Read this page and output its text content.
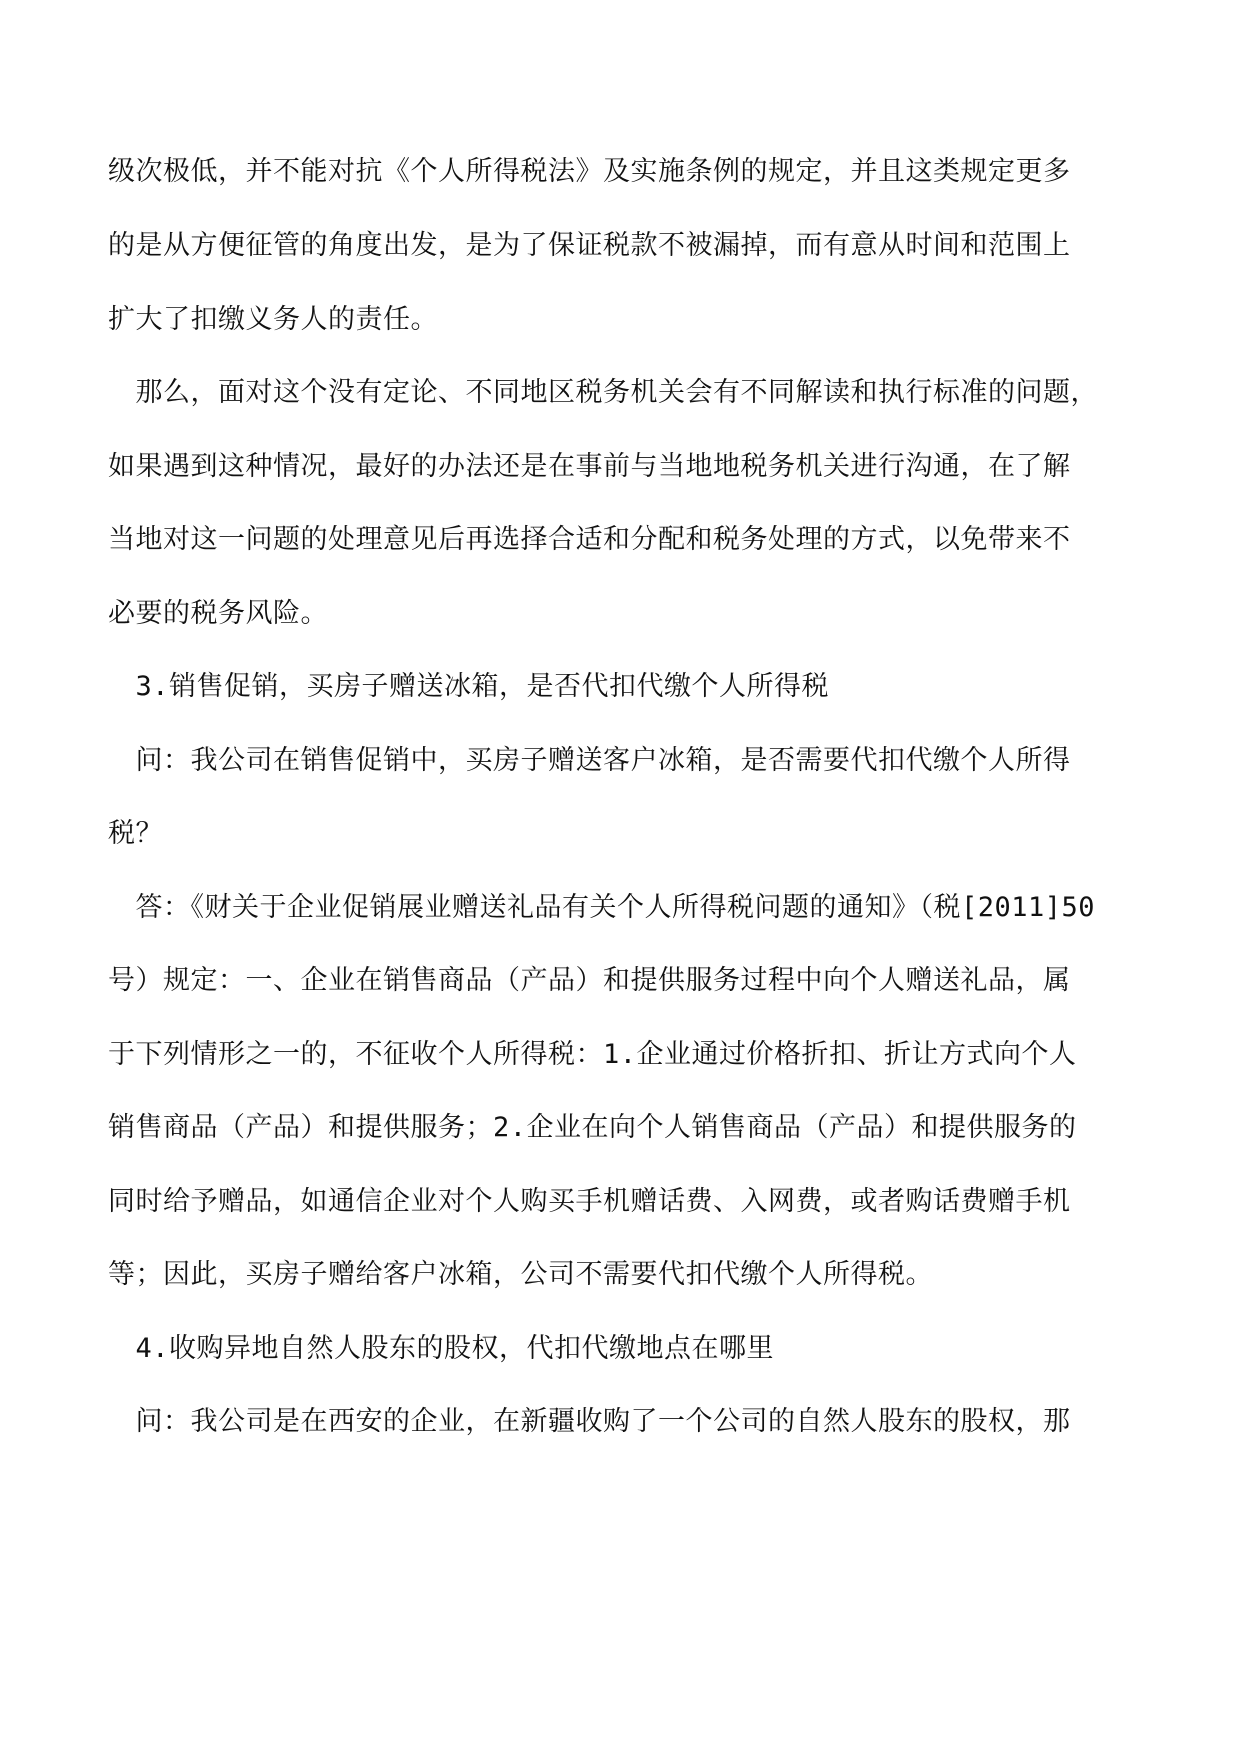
级次极低，并不能对抗《个人所得税法》及实施条例的规定，并且这类规定更多
的是从方便征管的角度出发，是为了保证税款不被漏掉，而有意从时间和范围上
扩大了扣缴义务人的责任。
　那么，面对这个没有定论、不同地区税务机关会有不同解读和执行标准的问题，
如果遇到这种情况，最好的办法还是在事前与当地地税务机关进行沟通，在了解
当地对这一问题的处理意见后再选择合适和分配和税务处理的方式，以免带来不
必要的税务风险。
　3.销售促销，买房子赠送冰箱，是否代扣代缴个人所得税
　问：我公司在销售促销中，买房子赠送客户冰箱，是否需要代扣代缴个人所得
税？
　答：《财关于企业促销展业赠送礼品有关个人所得税问题的通知》（税[2011]50
号）规定：一、企业在销售商品（产品）和提供服务过程中向个人赠送礼品，属
于下列情形之一的，不征收个人所得税：1.企业通过价格折扣、折让方式向个人
销售商品（产品）和提供服务；2.企业在向个人销售商品（产品）和提供服务的
同时给予赠品，如通信企业对个人购买手机赠话费、入网费，或者购话费赠手机
等；因此，买房子赠给客户冰箱，公司不需要代扣代缴个人所得税。
　4.收购异地自然人股东的股权，代扣代缴地点在哪里
　问：我公司是在西安的企业，在新疆收购了一个公司的自然人股东的股权，那
